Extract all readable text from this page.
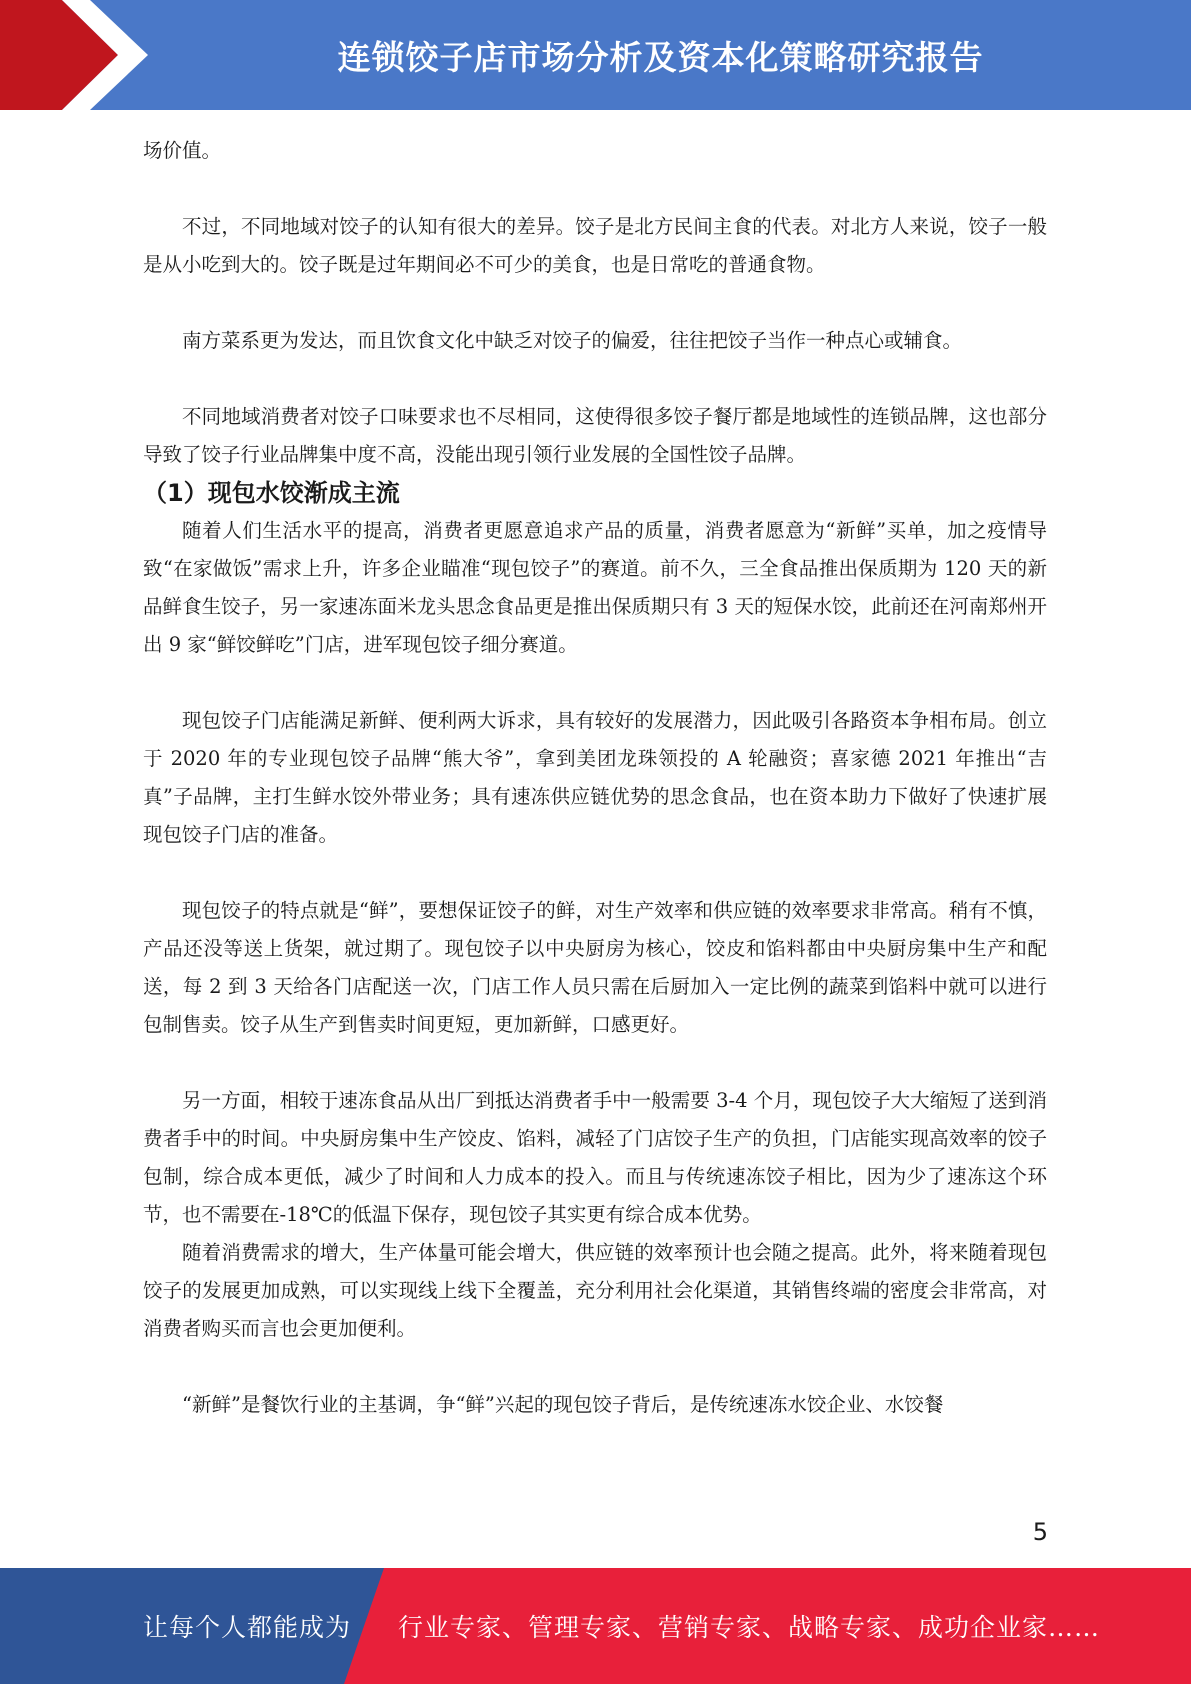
连锁饺子店市场分析及资本化策略研究报告

场价值。

不过，不同地域对饺子的认知有很大的差异。饺子是北方民间主食的代表。对北方人来说，饺子一般是从小吃到大的。饺子既是过年期间必不可少的美食，也是日常吃的普通食物。

南方菜系更为发达，而且饮食文化中缺乏对饺子的偏爱，往往把饺子当作一种点心或辅食。

不同地域消费者对饺子口味要求也不尽相同，这使得很多饺子餐厅都是地域性的连锁品牌，这也部分导致了饺子行业品牌集中度不高，没能出现引领行业发展的全国性饺子品牌。

（1）现包水饺渐成主流

随着人们生活水平的提高，消费者更愿意追求产品的质量，消费者愿意为“新鲜”买单，加之疫情导致“在家做饭”需求上升，许多企业瞄准“现包饺子”的赛道。前不久，三全食品推出保质期为 120 天的新品鲜食生饺子，另一家速冻面米龙头思念食品更是推出保质期只有 3 天的短保水饺，此前还在河南郑州开出 9 家“鲜饺鲜吃”门店，进军现包饺子细分赛道。

现包饺子门店能满足新鲜、便利两大诉求，具有较好的发展潜力，因此吸引各路资本争相布局。创立于 2020 年的专业现包饺子品牌“熊大爷”，拿到美团龙珠领投的 A 轮融资；喜家德 2021 年推出“吉真”子品牌，主打生鲜水饺外带业务；具有速冻供应链优势的思念食品，也在资本助力下做好了快速扩展现包饺子门店的准备。

现包饺子的特点就是“鲜”，要想保证饺子的鲜，对生产效率和供应链的效率要求非常高。稍有不慎，产品还没等送上货架，就过期了。现包饺子以中央厨房为核心，饺皮和馅料都由中央厨房集中生产和配送，每 2 到 3 天给各门店配送一次，门店工作人员只需在后厨加入一定比例的蔬菜到馅料中就可以进行包制售卖。饺子从生产到售卖时间更短，更加新鲜，口感更好。

另一方面，相较于速冻食品从出厂到抵达消费者手中一般需要 3-4 个月，现包饺子大大缩短了送到消费者手中的时间。中央厨房集中生产饺皮、馅料，减轻了门店饺子生产的负担，门店能实现高效率的饺子包制，综合成本更低，减少了时间和人力成本的投入。而且与传统速冻饺子相比，因为少了速冻这个环节，也不需要在-18℃的低温下保存，现包饺子其实更有综合成本优势。

随着消费需求的增大，生产体量可能会增大，供应链的效率预计也会随之提高。此外，将来随着现包饺子的发展更加成熟，可以实现线上线下全覆盖，充分利用社会化渠道，其销售终端的密度会非常高，对消费者购买而言也会更加便利。

“新鲜”是餐饮行业的主基调，争“鲜”兴起的现包饺子背后，是传统速冻水饺企业、水饺餐

5
让每个人都能成为 行业专家、管理专家、营销专家、战略专家、成功企业家……
